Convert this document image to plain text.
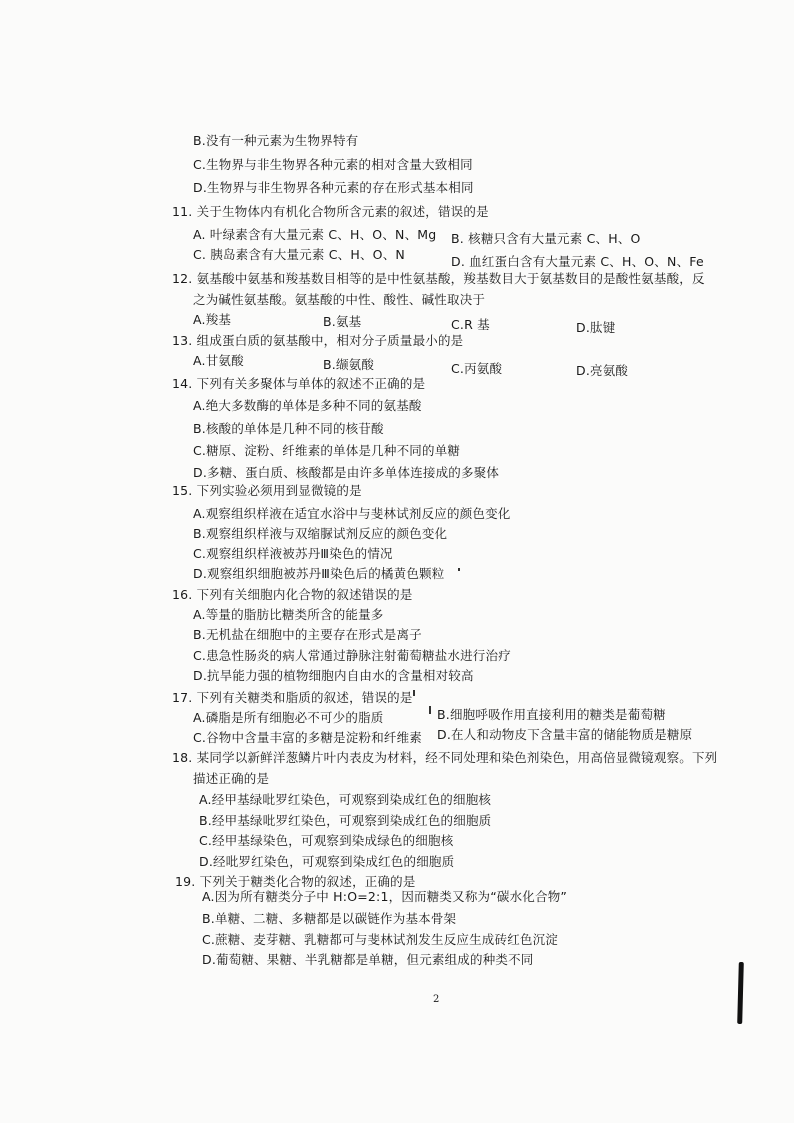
B.没有一种元素为生物界特有
C.生物界与非生物界各种元素的相对含量大致相同
D.生物界与非生物界各种元素的存在形式基本相同
11. 关于生物体内有机化合物所含元素的叙述，错误的是
A. 叶绿素含有大量元素 C、H、O、N、Mg B. 核糖只含有大量元素 C、H、O
C. 胰岛素含有大量元素 C、H、O、N	D. 血红蛋白含有大量元素 C、H、O、N、Fe
12. 氨基酸中氨基和羧基数目相等的是中性氨基酸，羧基数目大于氨基数目的是酸性氨基酸，反
之为碱性氨基酸。氨基酸的中性、酸性、碱性取决于
A.羧基	B.氨基	C.R 基	D.肽键
13. 组成蛋白质的氨基酸中，相对分子质量最小的是
A.甘氨酸	B.缬氨酸	C.丙氨酸	D.亮氨酸
14. 下列有关多聚体与单体的叙述不正确的是
A.绝大多数酶的单体是多种不同的氨基酸
B.核酸的单体是几种不同的核苷酸
C.糖原、淀粉、纤维素的单体是几种不同的单糖
D.多糖、蛋白质、核酸都是由许多单体连接成的多聚体
15. 下列实验必须用到显微镜的是
A.观察组织样液在适宜水浴中与斐林试剂反应的颜色变化
B.观察组织样液与双缩脲试剂反应的颜色变化
C.观察组织样液被苏丹Ⅲ染色的情况
D.观察组织细胞被苏丹Ⅲ染色后的橘黄色颗粒
16. 下列有关细胞内化合物的叙述错误的是
A.等量的脂肪比糖类所含的能量多
B.无机盐在细胞中的主要存在形式是离子
C.患急性肠炎的病人常通过静脉注射葡萄糖盐水进行治疗
D.抗旱能力强的植物细胞内自由水的含量相对较高
17. 下列有关糖类和脂质的叙述，错误的是
A.磷脂是所有细胞必不可少的脂质	B.细胞呼吸作用直接利用的糖类是葡萄糖
C.谷物中含量丰富的多糖是淀粉和纤维素 D.在人和动物皮下含量丰富的储能物质是糖原
18. 某同学以新鲜洋葱鳞片叶内表皮为材料，经不同处理和染色剂染色，用高倍显微镜观察。下列
描述正确的是
A.经甲基绿吡罗红染色，可观察到染成红色的细胞核
B.经甲基绿吡罗红染色，可观察到染成红色的细胞质
C.经甲基绿染色，可观察到染成绿色的细胞核
D.经吡罗红染色，可观察到染成红色的细胞质
19. 下列关于糖类化合物的叙述，正确的是
A.因为所有糖类分子中 H:O=2:1，因而糖类又称为“碳水化合物”
B.单糖、二糖、多糖都是以碳链作为基本骨架
C.蔗糖、麦芽糖、乳糖都可与斐林试剂发生反应生成砖红色沉淀
D.葡萄糖、果糖、半乳糖都是单糖，但元素组成的种类不同
2
